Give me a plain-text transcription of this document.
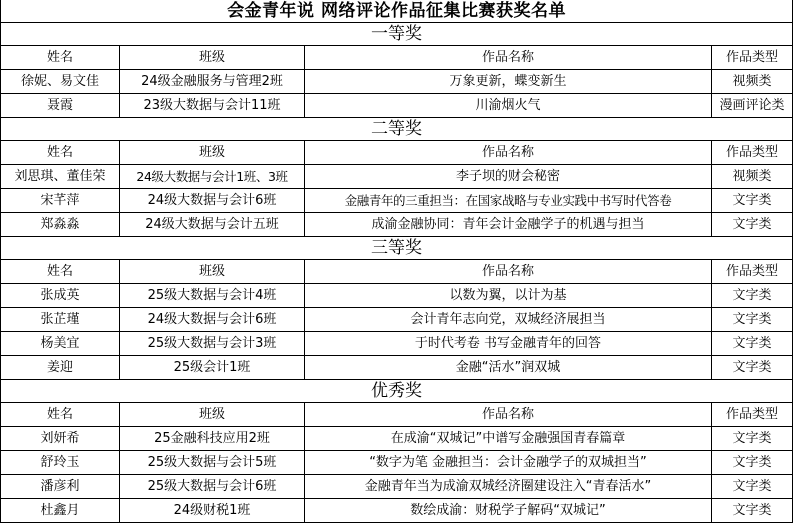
会金青年说 网络评论作品征集比赛获奖名单			
一等奖			
姓名	班级	作品名称	作品类型
徐妮、易文佳	24级金融服务与管理2班	万象更新，蝶变新生	视频类
聂霞	23级大数据与会计11班	川渝烟火气	漫画评论类
二等奖			
姓名	班级	作品名称	作品类型
刘思琪、董佳荣	24级大数据与会计1班、3班	李子坝的财会秘密	视频类
宋芊萍	24级大数据与会计6班	金融青年的三重担当：在国家战略与专业实践中书写时代答卷	文字类
郑淼淼	24级大数据与会计五班	成渝金融协同：青年会计金融学子的机遇与担当	文字类
三等奖			
姓名	班级	作品名称	作品类型
张成英	25级大数据与会计4班	以数为翼，以计为基	文字类
张芷瑾	24级大数据与会计6班	会计青年志向党，双城经济展担当	文字类
杨美宜	25级大数据与会计3班	于时代考卷 书写金融青年的回答	文字类
姜迎	25级会计1班	金融“活水”润双城	文字类
优秀奖			
姓名	班级	作品名称	作品类型
刘妍希	25金融科技应用2班	在成渝“双城记”中谱写金融强国青春篇章	文字类
舒玲玉	25级大数据与会计5班	“数字为笔 金融担当：会计金融学子的双城担当”	文字类
潘彦利	25级大数据与会计6班	金融青年当为成渝双城经济圈建设注入“青春活水”	文字类
杜鑫月	24级财税1班	数绘成渝：财税学子解码“双城记”	文字类
